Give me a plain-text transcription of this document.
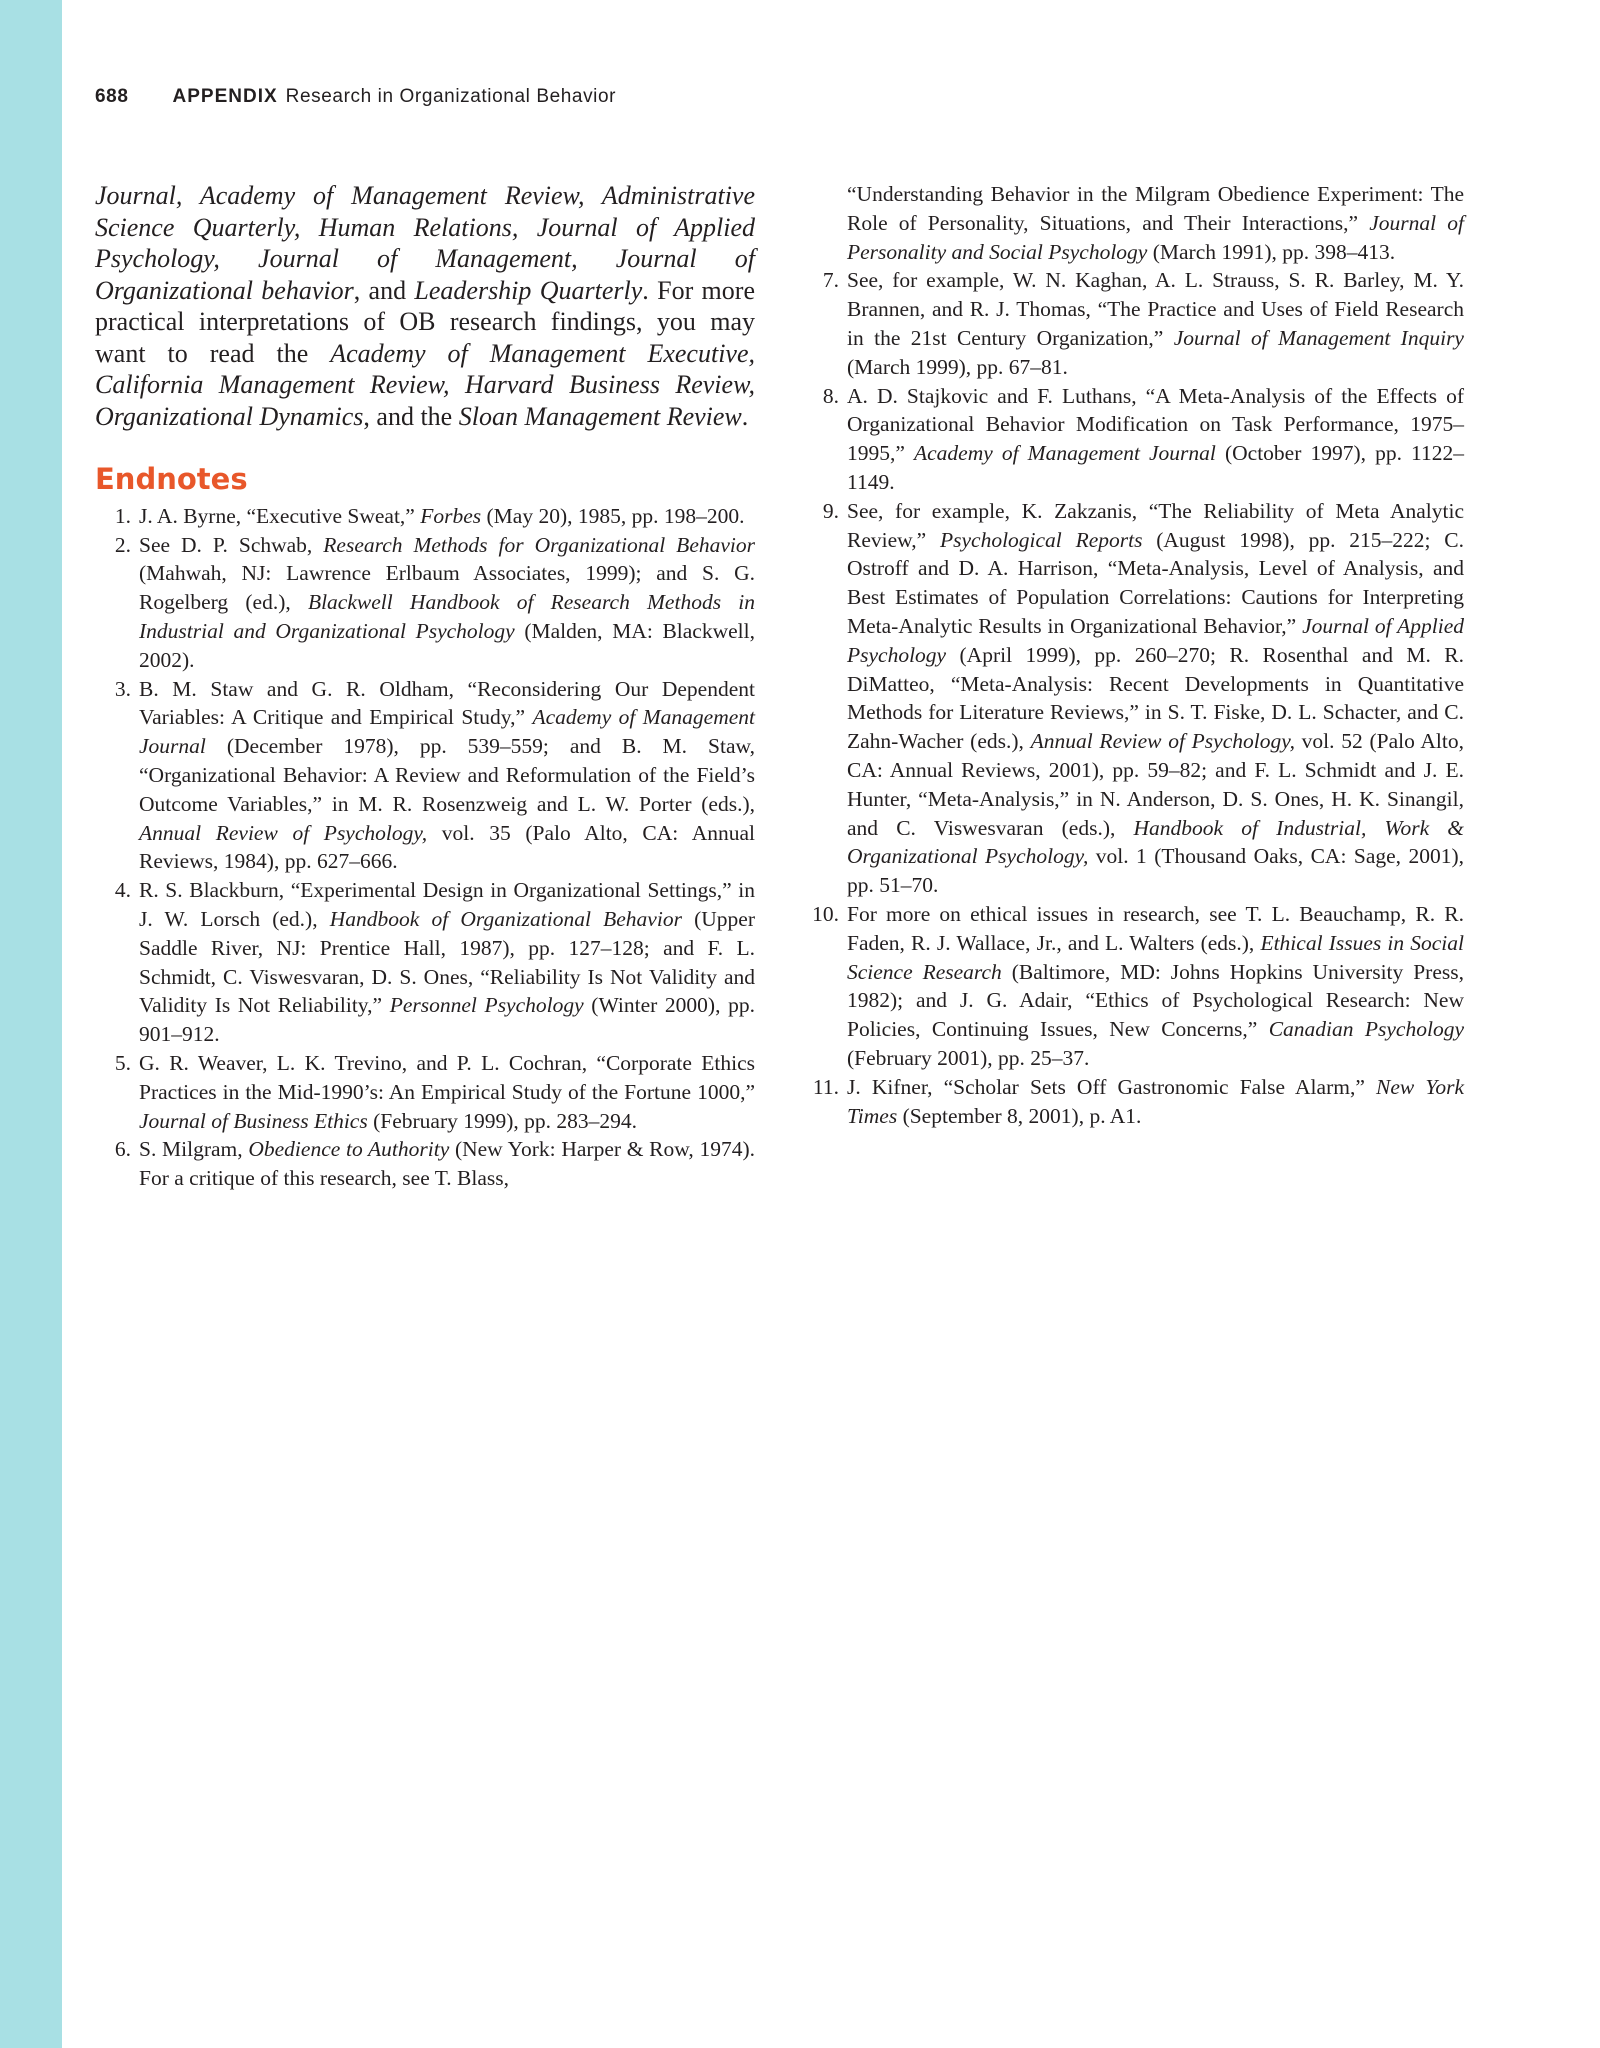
688 APPENDIX Research in Organizational Behavior

Journal, Academy of Management Review, Administrative Science Quarterly, Human Relations, Journal of Applied Psychology, Journal of Management, Journal of Organizational behavior, and Leadership Quarterly. For more practical interpretations of OB research findings, you may want to read the Academy of Management Executive, California Management Review, Harvard Business Review, Organizational Dynamics, and the Sloan Management Review.

Endnotes

1. J. A. Byrne, “Executive Sweat,” Forbes (May 20), 1985, pp. 198–200.

2. See D. P. Schwab, Research Methods for Organizational Behavior (Mahwah, NJ: Lawrence Erlbaum Associates, 1999); and S. G. Rogelberg (ed.), Blackwell Handbook of Research Methods in Industrial and Organizational Psychology (Malden, MA: Blackwell, 2002).

3. B. M. Staw and G. R. Oldham, “Reconsidering Our Dependent Variables: A Critique and Empirical Study,” Academy of Management Journal (December 1978), pp. 539–559; and B. M. Staw, “Organizational Behavior: A Review and Reformulation of the Field’s Outcome Variables,” in M. R. Rosenzweig and L. W. Porter (eds.), Annual Review of Psychology, vol. 35 (Palo Alto, CA: Annual Reviews, 1984), pp. 627–666.

4. R. S. Blackburn, “Experimental Design in Organizational Settings,” in J. W. Lorsch (ed.), Handbook of Organizational Behavior (Upper Saddle River, NJ: Prentice Hall, 1987), pp. 127–128; and F. L. Schmidt, C. Viswesvaran, D. S. Ones, “Reliability Is Not Validity and Validity Is Not Reliability,” Personnel Psychology (Winter 2000), pp. 901–912.

5. G. R. Weaver, L. K. Trevino, and P. L. Cochran, “Corporate Ethics Practices in the Mid-1990’s: An Empirical Study of the Fortune 1000,” Journal of Business Ethics (February 1999), pp. 283–294.

6. S. Milgram, Obedience to Authority (New York: Harper & Row, 1974). For a critique of this research, see T. Blass,

“Understanding Behavior in the Milgram Obedience Experiment: The Role of Personality, Situations, and Their Interactions,” Journal of Personality and Social Psychology (March 1991), pp. 398–413.

7. See, for example, W. N. Kaghan, A. L. Strauss, S. R. Barley, M. Y. Brannen, and R. J. Thomas, “The Practice and Uses of Field Research in the 21st Century Organization,” Journal of Management Inquiry (March 1999), pp. 67–81.

8. A. D. Stajkovic and F. Luthans, “A Meta-Analysis of the Effects of Organizational Behavior Modification on Task Performance, 1975–1995,” Academy of Management Journal (October 1997), pp. 1122–1149.

9. See, for example, K. Zakzanis, “The Reliability of Meta Analytic Review,” Psychological Reports (August 1998), pp. 215–222; C. Ostroff and D. A. Harrison, “Meta-Analysis, Level of Analysis, and Best Estimates of Population Correlations: Cautions for Interpreting Meta-Analytic Results in Organizational Behavior,” Journal of Applied Psychology (April 1999), pp. 260–270; R. Rosenthal and M. R. DiMatteo, “Meta-Analysis: Recent Developments in Quantitative Methods for Literature Reviews,” in S. T. Fiske, D. L. Schacter, and C. Zahn-Wacher (eds.), Annual Review of Psychology, vol. 52 (Palo Alto, CA: Annual Reviews, 2001), pp. 59–82; and F. L. Schmidt and J. E. Hunter, “Meta-Analysis,” in N. Anderson, D. S. Ones, H. K. Sinangil, and C. Viswesvaran (eds.), Handbook of Industrial, Work & Organizational Psychology, vol. 1 (Thousand Oaks, CA: Sage, 2001), pp. 51–70.

10. For more on ethical issues in research, see T. L. Beauchamp, R. R. Faden, R. J. Wallace, Jr., and L. Walters (eds.), Ethical Issues in Social Science Research (Baltimore, MD: Johns Hopkins University Press, 1982); and J. G. Adair, “Ethics of Psychological Research: New Policies, Continuing Issues, New Concerns,” Canadian Psychology (February 2001), pp. 25–37.

11. J. Kifner, “Scholar Sets Off Gastronomic False Alarm,” New York Times (September 8, 2001), p. A1.
